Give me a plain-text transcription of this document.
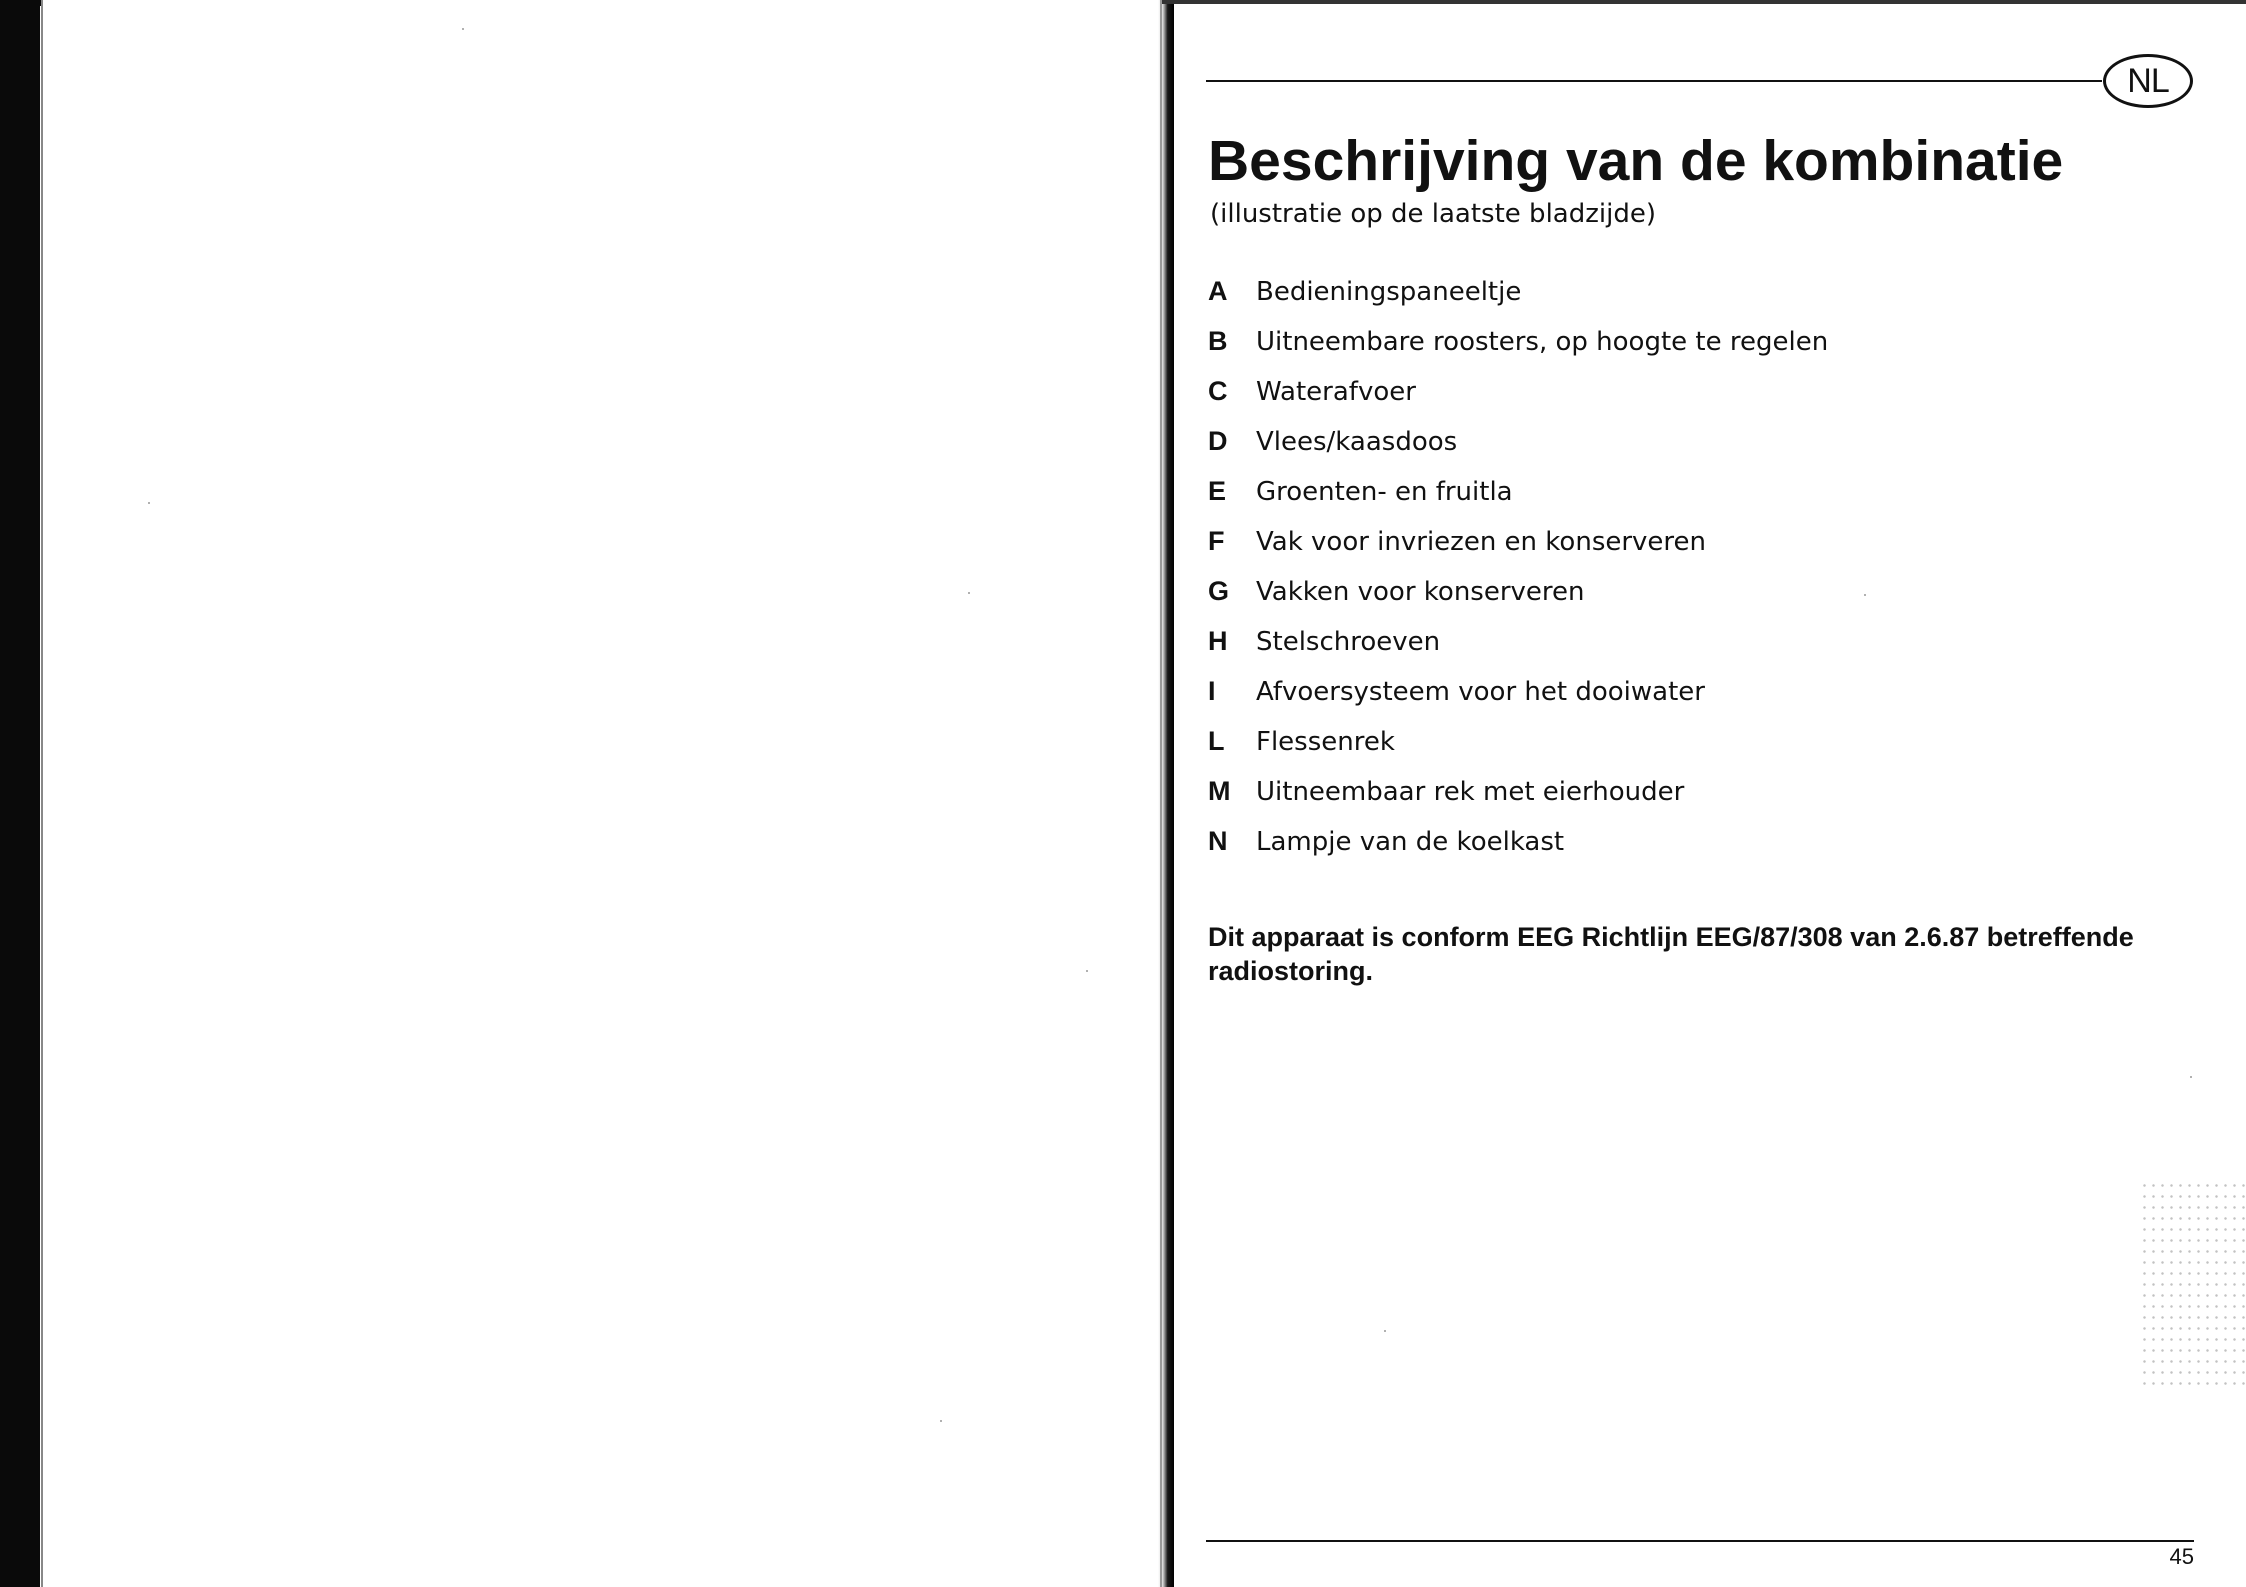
NL
Beschrijving van de kombinatie

(illustratie op de laatste bladzijde)

A	Bedieningspaneeltje
B	Uitneembare roosters, op hoogte te regelen
C	Waterafvoer
D	Vlees/kaasdoos
E	Groenten- en fruitla
F	Vak voor invriezen en konserveren
G	Vakken voor konserveren
H	Stelschroeven
I	Afvoersysteem voor het dooiwater
L	Flessenrek
M Uitneembaar rek met eierhouder
N	Lampje van de koelkast

Dit apparaat is conform EEG Richtlijn EEG/87/308 van 2.6.87 betreffende radiostoring.

45
